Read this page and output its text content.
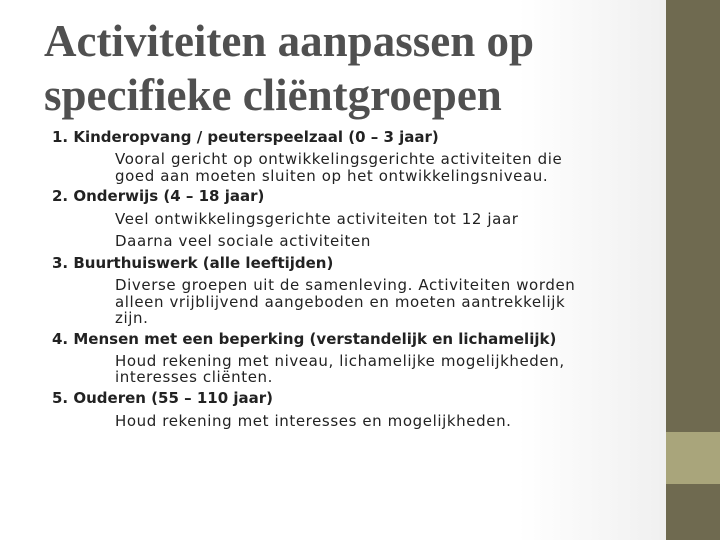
Activiteiten aanpassen op
specifieke cliëntgroepen
1. Kinderopvang / peuterspeelzaal (0 – 3 jaar)
Vooral gericht op ontwikkelingsgerichte activiteiten die
goed aan moeten sluiten op het ontwikkelingsniveau.
2. Onderwijs (4 – 18 jaar)
Veel ontwikkelingsgerichte activiteiten tot 12 jaar
Daarna veel sociale activiteiten
3. Buurthuiswerk (alle leeftijden)
Diverse groepen uit de samenleving. Activiteiten worden
alleen vrijblijvend aangeboden en moeten aantrekkelijk
zijn.
4. Mensen met een beperking (verstandelijk en lichamelijk)
Houd rekening met niveau, lichamelijke mogelijkheden,
interesses cliënten.
5. Ouderen (55 – 110 jaar)
Houd rekening met interesses en mogelijkheden.
